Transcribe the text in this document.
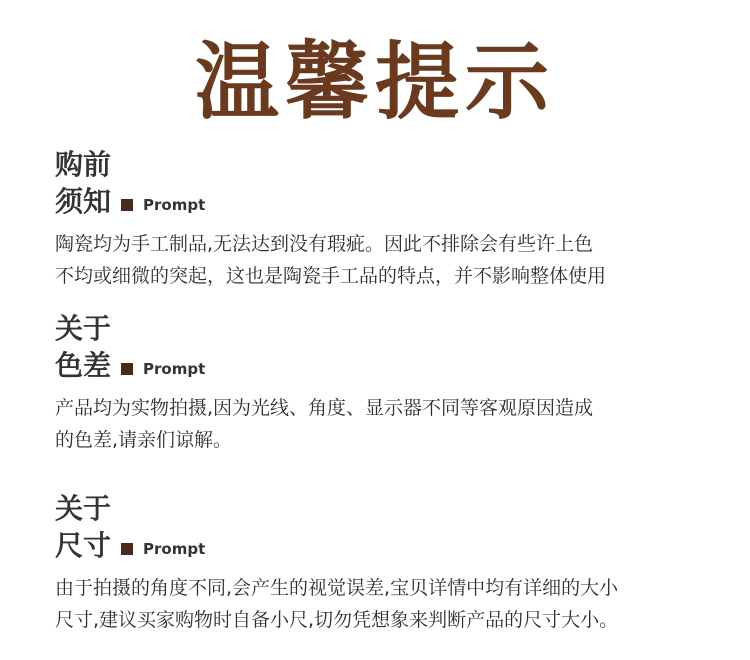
温馨提示
购前
须知 Prompt
陶瓷均为手工制品,无法达到没有瑕疵。因此不排除会有些许上色
不均或细微的突起，这也是陶瓷手工品的特点，并不影响整体使用
关于
色差 Prompt
产品均为实物拍摄,因为光线、角度、显示器不同等客观原因造成
的色差,请亲们谅解。
关于
尺寸 Prompt
由于拍摄的角度不同,会产生的视觉误差,宝贝详情中均有详细的大小
尺寸,建议买家购物时自备小尺,切勿凭想象来判断产品的尺寸大小。
